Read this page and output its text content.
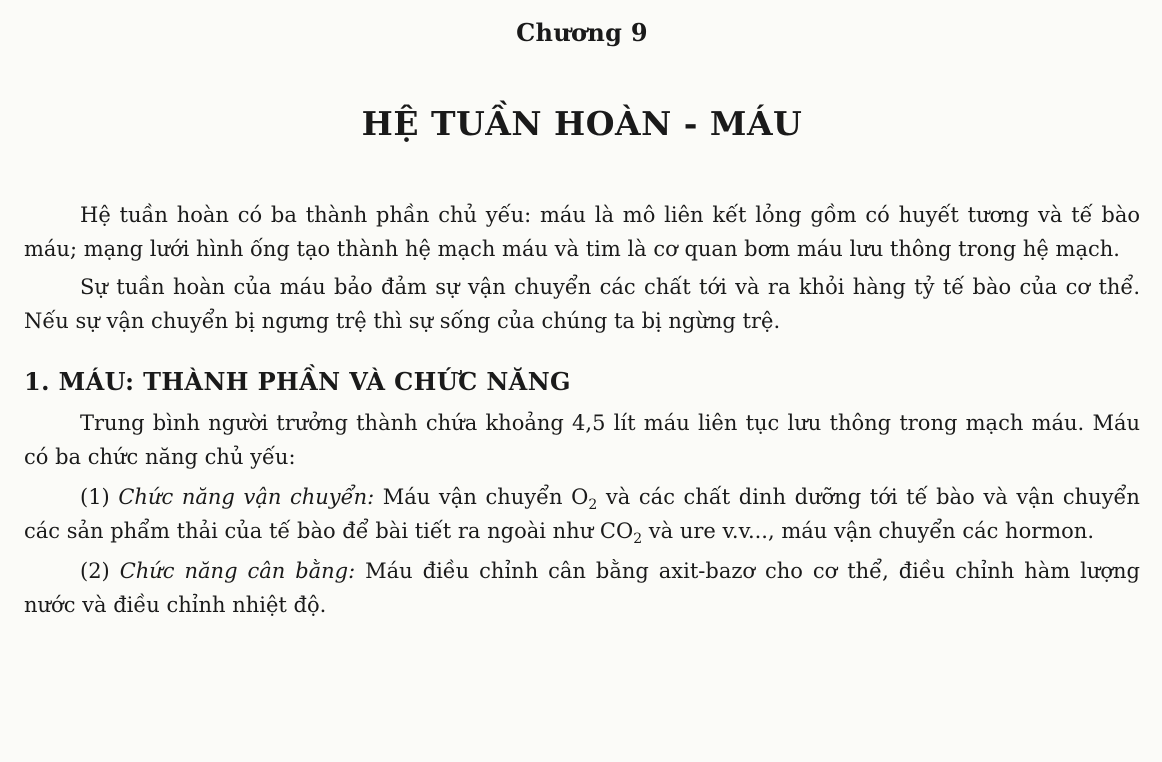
Chương 9
HỆ TUẦN HOÀN - MÁU

Hệ tuần hoàn có ba thành phần chủ yếu: máu là mô liên kết lỏng gồm có huyết tương và tế bào máu; mạng lưới hình ống tạo thành hệ mạch máu và tim là cơ quan bơm máu lưu thông trong hệ mạch.

Sự tuần hoàn của máu bảo đảm sự vận chuyển các chất tới và ra khỏi hàng tỷ tế bào của cơ thể. Nếu sự vận chuyển bị ngưng trệ thì sự sống của chúng ta bị ngừng trệ.

1. MÁU: THÀNH PHẦN VÀ CHỨC NĂNG

Trung bình người trưởng thành chứa khoảng 4,5 lít máu liên tục lưu thông trong mạch máu. Máu có ba chức năng chủ yếu:

(1) Chức năng vận chuyển: Máu vận chuyển $O_2$ và các chất dinh dưỡng tới tế bào và vận chuyển các sản phẩm thải của tế bào để bài tiết ra ngoài như $CO_2$ và ure v.v..., máu vận chuyển các hormon.

(2) Chức năng cân bằng: Máu điều chỉnh cân bằng axit-bazơ cho cơ thể, điều chỉnh hàm lượng nước và điều chỉnh nhiệt độ.
